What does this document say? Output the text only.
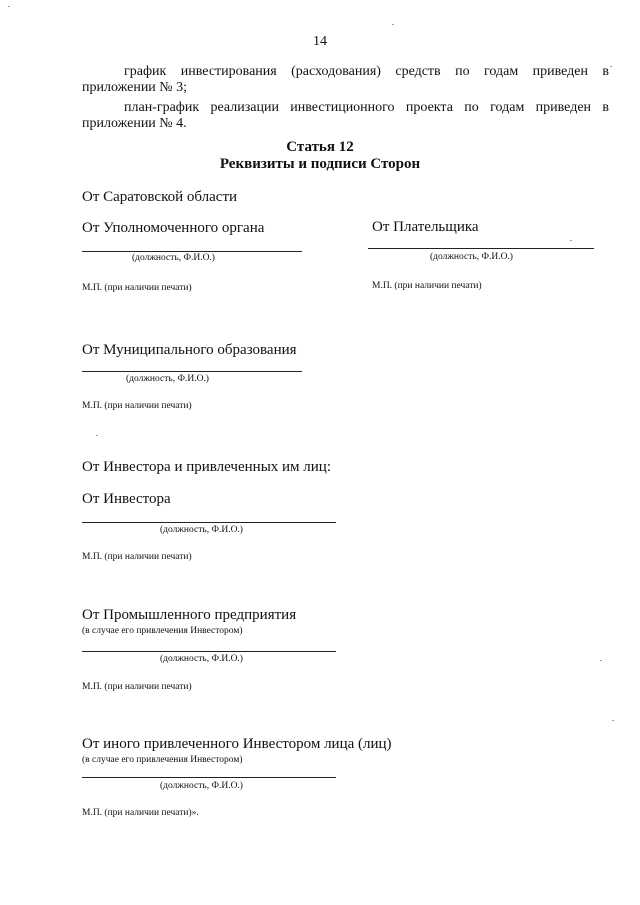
14
график инвестирования (расходования) средств по годам приведен в приложении № 3;
план-график реализации инвестиционного проекта по годам приведен в приложении № 4.
Статья 12
Реквизиты и подписи Сторон
От Саратовской области
От Уполномоченного органа	От Плательщика
(должность, Ф.И.О.)	(должность, Ф.И.О.)
М.П. (при наличии печати)	М.П. (при наличии печати)
От Муниципального образования
(должность, Ф.И.О.)
М.П. (при наличии печати)
От Инвестора и привлеченных им лиц:
От Инвестора
(должность, Ф.И.О.)
М.П. (при наличии печати)
От Промышленного предприятия
(в случае его привлечения Инвестором)
(должность, Ф.И.О.)
М.П. (при наличии печати)
От иного привлеченного Инвестором лица (лиц)
(в случае его привлечения Инвестором)
(должность, Ф.И.О.)
М.П. (при наличии печати)».
